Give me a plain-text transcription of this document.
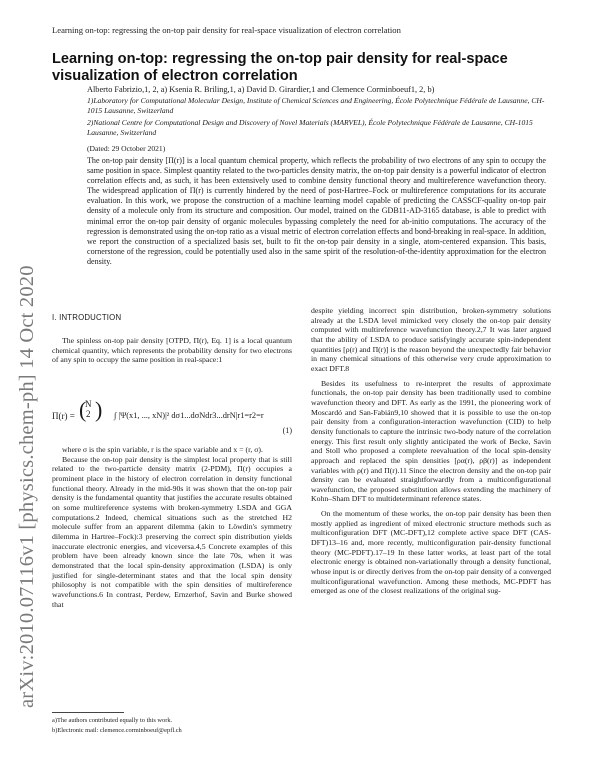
Learning on-top: regressing the on-top pair density for real-space visualization of electron correlation
arXiv:2010.07116v1 [physics.chem-ph] 14 Oct 2020
Learning on-top: regressing the on-top pair density for real-space visualization of electron correlation
Alberto Fabrizio,1, 2, a) Ksenia R. Briling,1, a) David D. Girardier,1 and Clemence Corminboeuf1, 2, b)
1)Laboratory for Computational Molecular Design, Institute of Chemical Sciences and Engineering, École Polytechnique Fédérale de Lausanne, CH-1015 Lausanne, Switzerland
2)National Centre for Computational Design and Discovery of Novel Materials (MARVEL), École Polytechnique Fédérale de Lausanne, CH-1015 Lausanne, Switzerland
(Dated: 29 October 2021)
The on-top pair density [Π(r)] is a local quantum chemical property, which reflects the probability of two electrons of any spin to occupy the same position in space. Simplest quantity related to the two-particles density matrix, the on-top pair density is a powerful indicator of electron correlation effects and, as such, it has been extensively used to combine density functional theory and multireference wavefunction theory. The widespread application of Π(r) is currently hindered by the need of post-Hartree–Fock or multireference computations for its accurate evaluation. In this work, we propose the construction of a machine learning model capable of predicting the CASSCF-quality on-top pair density of a molecule only from its structure and composition. Our model, trained on the GDB11-AD-3165 database, is able to predict with minimal error the on-top pair density of organic molecules bypassing completely the need for ab-initio computations. The accuracy of the regression is demonstrated using the on-top ratio as a visual metric of electron correlation effects and bond-breaking in real-space. In addition, we report the construction of a specialized basis set, built to fit the on-top pair density in a single, atom-centered expansion. This basis, cornerstone of the regression, could be potentially used also in the same spirit of the resolution-of-the-identity approximation for the electron density.
I. INTRODUCTION

The spinless on-top pair density [OTPD, Π(r), Eq. 1] is a local quantum chemical quantity, which represents the probability density for two electrons of any spin to occupy the same position in real-space:1

Π(r) = (
N
2 ) ∫ |Ψ(x1, ..., xN)|² dσ1...dσNdr3...drN|r1=r2=r
(1)

where σ is the spin variable, r is the space variable and x = (r, σ).

Because the on-top pair density is the simplest local property that is still related to the two-particle density matrix (2-PDM), Π(r) occupies a prominent place in the history of electron correlation in density functional functional theory. Already in the mid-90s it was shown that the on-top pair density is the fundamental quantity that justifies the accurate results obtained on some multireference systems with broken-symmetry LSDA and GGA computations.2 Indeed, chemical situations such as the stretched H2 molecule suffer from an apparent dilemma (akin to Löwdin's symmetry dilemma in Hartree–Fock):3 preserving the correct spin distribution yields inaccurate electronic energies, and viceversa.4,5 Concrete examples of this problem have been already known since the late 70s, when it was demonstrated that the local spin-density approximation (LSDA) is only justified for single-determinant states and that the local spin density philosophy is not compatible with the spin densities of multireference wavefunctions.6 In contrast, Perdew, Ernzerhof, Savin and Burke showed that

despite yielding incorrect spin distribution, broken-symmetry solutions already at the LSDA level mimicked very closely the on-top pair density computed with multireference wavefunction theory.2,7 It was later argued that the ability of LSDA to produce satisfyingly accurate spin-independent quantities [ρ(r) and Π(r)] is the reason beyond the unexpectedly fair behavior in many chemical situations of this otherwise very crude approximation to exact DFT.8

Besides its usefulness to re-interpret the results of approximate functionals, the on-top pair density has been traditionally used to combine wavefunction theory and DFT. As early as the 1991, the pioneering work of Moscardó and San-Fabián9,10 showed that it is possible to use the on-top pair density from a configuration-interaction wavefunction (CID) to help density functionals to capture the intrinsic two-body nature of the correlation energy. This first result only slightly anticipated the work of Becke, Savin and Stoll who proposed a complete reevaluation of the local spin-density approach and replaced the spin densities [ρα(r), ρβ(r)] as independent variables with ρ(r) and Π(r).11 Since the electron density and the on-top pair density can be evaluated straightforwardly from a multiconfigurational wavefunction, the proposed substitution allows extending the machinery of Kohn–Sham DFT to multideterminant reference states.

On the momentum of these works, the on-top pair density has been then mostly applied as ingredient of mixed electronic structure methods such as multiconfiguration DFT (MC-DFT),12 complete active space DFT (CAS-DFT)13–16 and, more recently, multiconfiguration pair-density functional theory (MC-PDFT).17–19 In these latter works, at least part of the total electronic energy is obtained non-variationally through a density functional, whose input is or directly derives from the on-top pair density of a converged multiconfigurational wavefunction. Among these methods, MC-PDFT has emerged as one of the closest realizations of the original sug-

a)The authors contributed equally to this work.
b)Electronic mail: clemence.corminboeuf@epfl.ch
